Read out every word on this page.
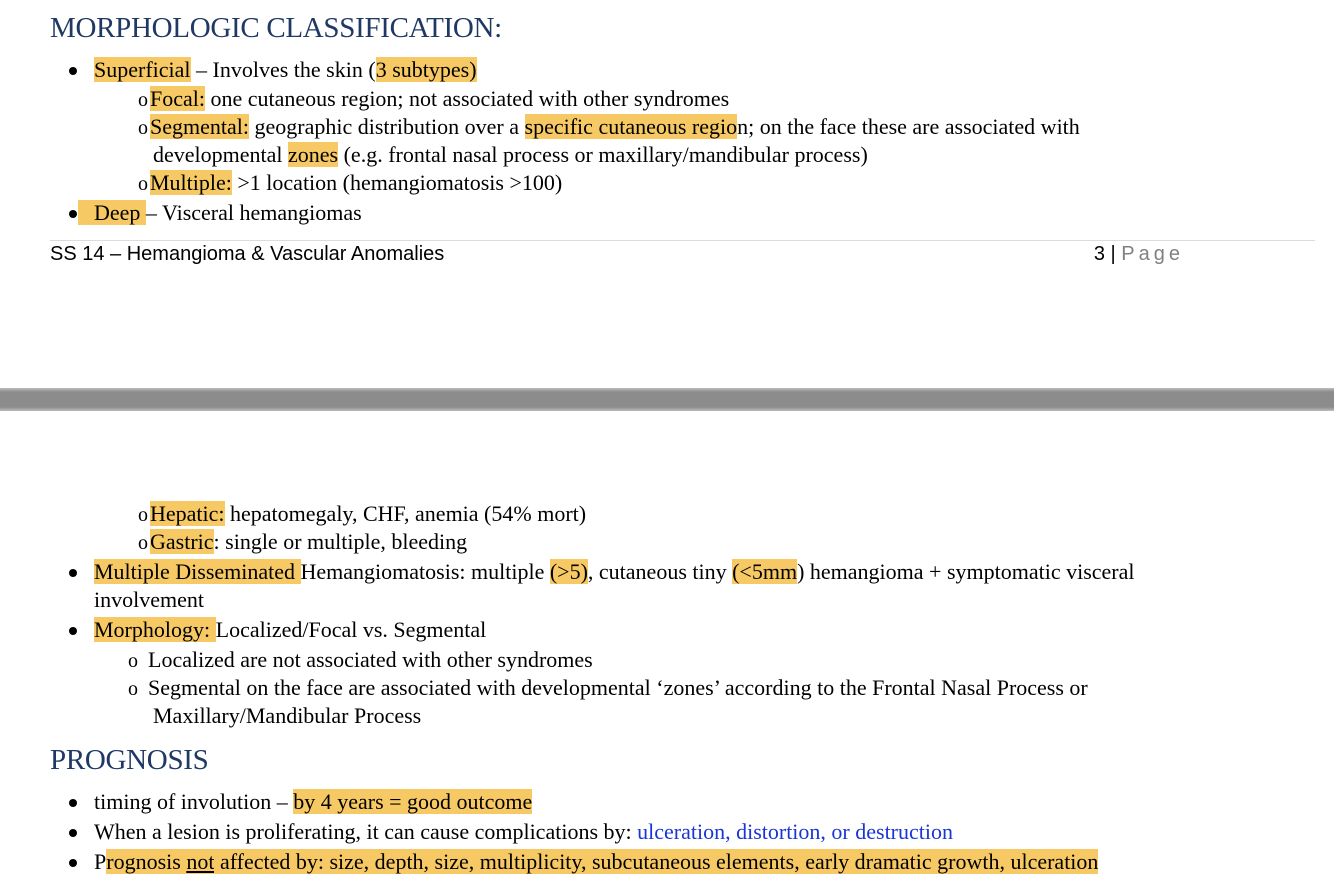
MORPHOLOGIC CLASSIFICATION:
Superficial – Involves the skin (3 subtypes)
oFocal: one cutaneous region; not associated with other syndromes
oSegmental: geographic distribution over a specific cutaneous region; on the face these are associated with
developmental zones (e.g. frontal nasal process or maxillary/mandibular process)
oMultiple: >1 location (hemangiomatosis >100)
Deep – Visceral hemangiomas
SS 14 – Hemangioma & Vascular Anomalies	3 | Page
oHepatic: hepatomegaly, CHF, anemia (54% mort)
oGastric: single or multiple, bleeding
Multiple Disseminated Hemangiomatosis: multiple (>5), cutaneous tiny (<5mm) hemangioma + symptomatic visceral
involvement
Morphology: Localized/Focal vs. Segmental
o Localized are not associated with other syndromes
o Segmental on the face are associated with developmental ‘zones’ according to the Frontal Nasal Process or
Maxillary/Mandibular Process
PROGNOSIS
timing of involution – by 4 years = good outcome
When a lesion is proliferating, it can cause complications by: ulceration, distortion, or destruction
Prognosis not affected by: size, depth, size, multiplicity, subcutaneous elements, early dramatic growth, ulceration
